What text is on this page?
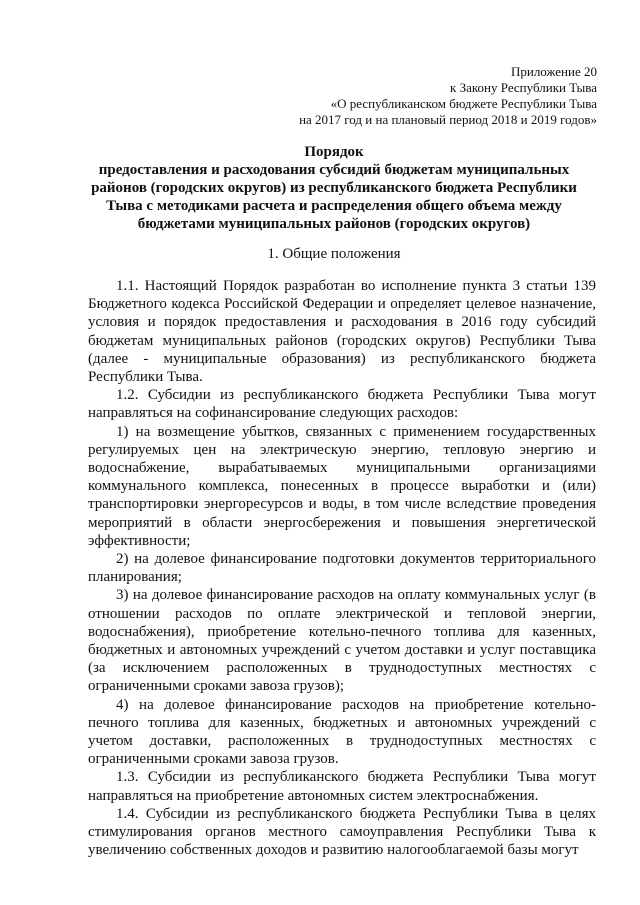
Приложение 20
к Закону Республики Тыва
«О республиканском бюджете Республики Тыва
на 2017 год и на плановый период 2018 и 2019 годов»
Порядок
предоставления и расходования субсидий бюджетам муниципальных
районов (городских округов) из республиканского бюджета Республики
Тыва с методиками расчета и распределения общего объема между
бюджетами муниципальных районов (городских округов)
1. Общие положения

1.1. Настоящий Порядок разработан во исполнение пункта 3 статьи 139 Бюджетного кодекса Российской Федерации и определяет целевое назначение, условия и порядок предоставления и расходования в 2016 году субсидий бюджетам муниципальных районов (городских округов) Республики Тыва (далее - муниципальные образования) из республиканского бюджета Республики Тыва.

1.2. Субсидии из республиканского бюджета Республики Тыва могут направляться на софинансирование следующих расходов:

1) на возмещение убытков, связанных с применением государственных регулируемых цен на электрическую энергию, тепловую энергию и водоснабжение, вырабатываемых муниципальными организациями коммунального комплекса, понесенных в процессе выработки и (или) транспортировки энергоресурсов и воды, в том числе вследствие проведения мероприятий в области энергосбережения и повышения энергетической эффективности;

2) на долевое финансирование подготовки документов территориального планирования;

3) на долевое финансирование расходов на оплату коммунальных услуг (в отношении расходов по оплате электрической и тепловой энергии, водоснабжения), приобретение котельно-печного топлива для казенных, бюджетных и автономных учреждений с учетом доставки и услуг поставщика (за исключением расположенных в труднодоступных местностях с ограниченными сроками завоза грузов);

4) на долевое финансирование расходов на приобретение котельно-печного топлива для казенных, бюджетных и автономных учреждений с учетом доставки, расположенных в труднодоступных местностях с ограниченными сроками завоза грузов.

1.3. Субсидии из республиканского бюджета Республики Тыва могут направляться на приобретение автономных систем электроснабжения.

1.4. Субсидии из республиканского бюджета Республики Тыва в целях стимулирования органов местного самоуправления Республики Тыва к увеличению собственных доходов и развитию налогооблагаемой базы могут
